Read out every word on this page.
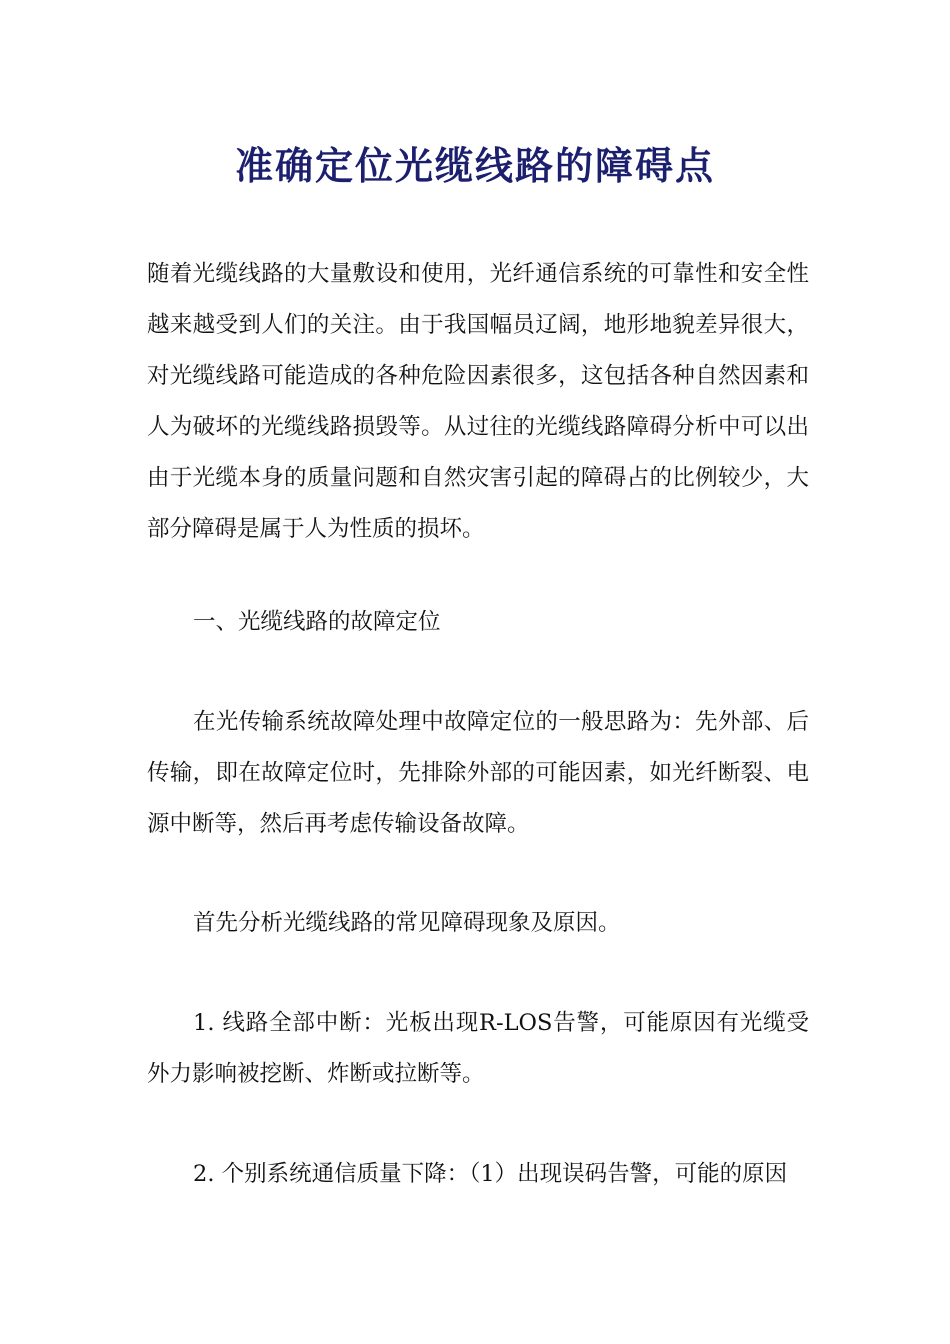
准确定位光缆线路的障碍点
随着光缆线路的大量敷设和使用，光纤通信系统的可靠性和安全性越来越受到人们的关注。由于我国幅员辽阔，地形地貌差异很大，对光缆线路可能造成的各种危险因素很多，这包括各种自然因素和人为破坏的光缆线路损毁等。从过往的光缆线路障碍分析中可以出由于光缆本身的质量问题和自然灾害引起的障碍占的比例较少，大部分障碍是属于人为性质的损坏。
一、光缆线路的故障定位
在光传输系统故障处理中故障定位的一般思路为：先外部、后传输，即在故障定位时，先排除外部的可能因素，如光纤断裂、电源中断等，然后再考虑传输设备故障。
首先分析光缆线路的常见障碍现象及原因。
1. 线路全部中断：光板出现R-LOS告警，可能原因有光缆受外力影响被挖断、炸断或拉断等。
2. 个别系统通信质量下降：（1）出现误码告警，可能的原因
